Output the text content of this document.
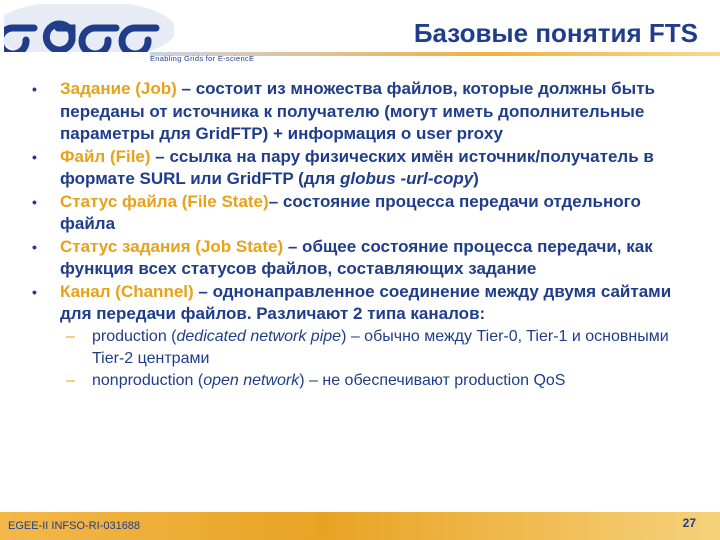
Enabling Grids for E-sciencE
Базовые понятия FTS

• Задание (Job) – состоит из множества файлов, которые должны быть переданы от источника к получателю (могут иметь дополнительные параметры для GridFTP) + информация о user proxy

• Файл (File) – ссылка на пару физических имён источник/получатель в формате SURL или GridFTP (для globus -url-copy)

• Статус файла (File State)– состояние процесса передачи отдельного файла

• Статус задания (Job State) – общее состояние процесса передачи, как функция всех статусов файлов, составляющих задание

• Канал (Channel) – однонаправленное соединение между двумя сайтами для передачи файлов. Различают 2 типа каналов:

– production (dedicated network pipe) – обычно между Tier-0, Tier-1 и основными Tier-2 центрами

– nonproduction (open network) – не обеспечивают production QoS

EGEE-II INFSO-RI-031688	27
